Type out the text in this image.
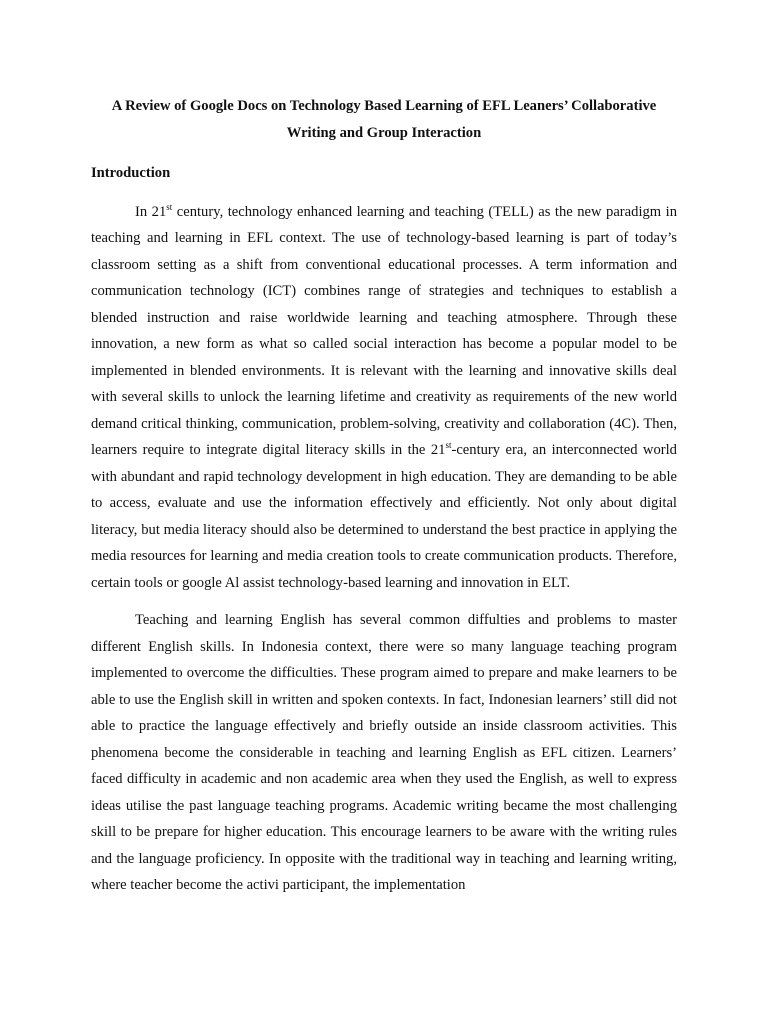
A Review of Google Docs on Technology Based Learning of EFL Leaners’ Collaborative Writing and Group Interaction

Introduction

In 21st century, technology enhanced learning and teaching (TELL) as the new paradigm in teaching and learning in EFL context. The use of technology-based learning is part of today’s classroom setting as a shift from conventional educational processes. A term information and communication technology (ICT) combines range of strategies and techniques to establish a blended instruction and raise worldwide learning and teaching atmosphere. Through these innovation, a new form as what so called social interaction has become a popular model to be implemented in blended environments. It is relevant with the learning and innovative skills deal with several skills to unlock the learning lifetime and creativity as requirements of the new world demand critical thinking, communication, problem-solving, creativity and collaboration (4C). Then, learners require to integrate digital literacy skills in the 21st-century era, an interconnected world with abundant and rapid technology development in high education. They are demanding to be able to access, evaluate and use the information effectively and efficiently. Not only about digital literacy, but media literacy should also be determined to understand the best practice in applying the media resources for learning and media creation tools to create communication products. Therefore, certain tools or google Al assist technology-based learning and innovation in ELT.

Teaching and learning English has several common diffulties and problems to master different English skills. In Indonesia context, there were so many language teaching program implemented to overcome the difficulties. These program aimed to prepare and make learners to be able to use the English skill in written and spoken contexts. In fact, Indonesian learners’ still did not able to practice the language effectively and briefly outside an inside classroom activities. This phenomena become the considerable in teaching and learning English as EFL citizen. Learners’ faced difficulty in academic and non academic area when they used the English, as well to express ideas utilise the past language teaching programs. Academic writing became the most challenging skill to be prepare for higher education. This encourage learners to be aware with the writing rules and the language proficiency. In opposite with the traditional way in teaching and learning writing, where teacher become the activi participant, the implementation
